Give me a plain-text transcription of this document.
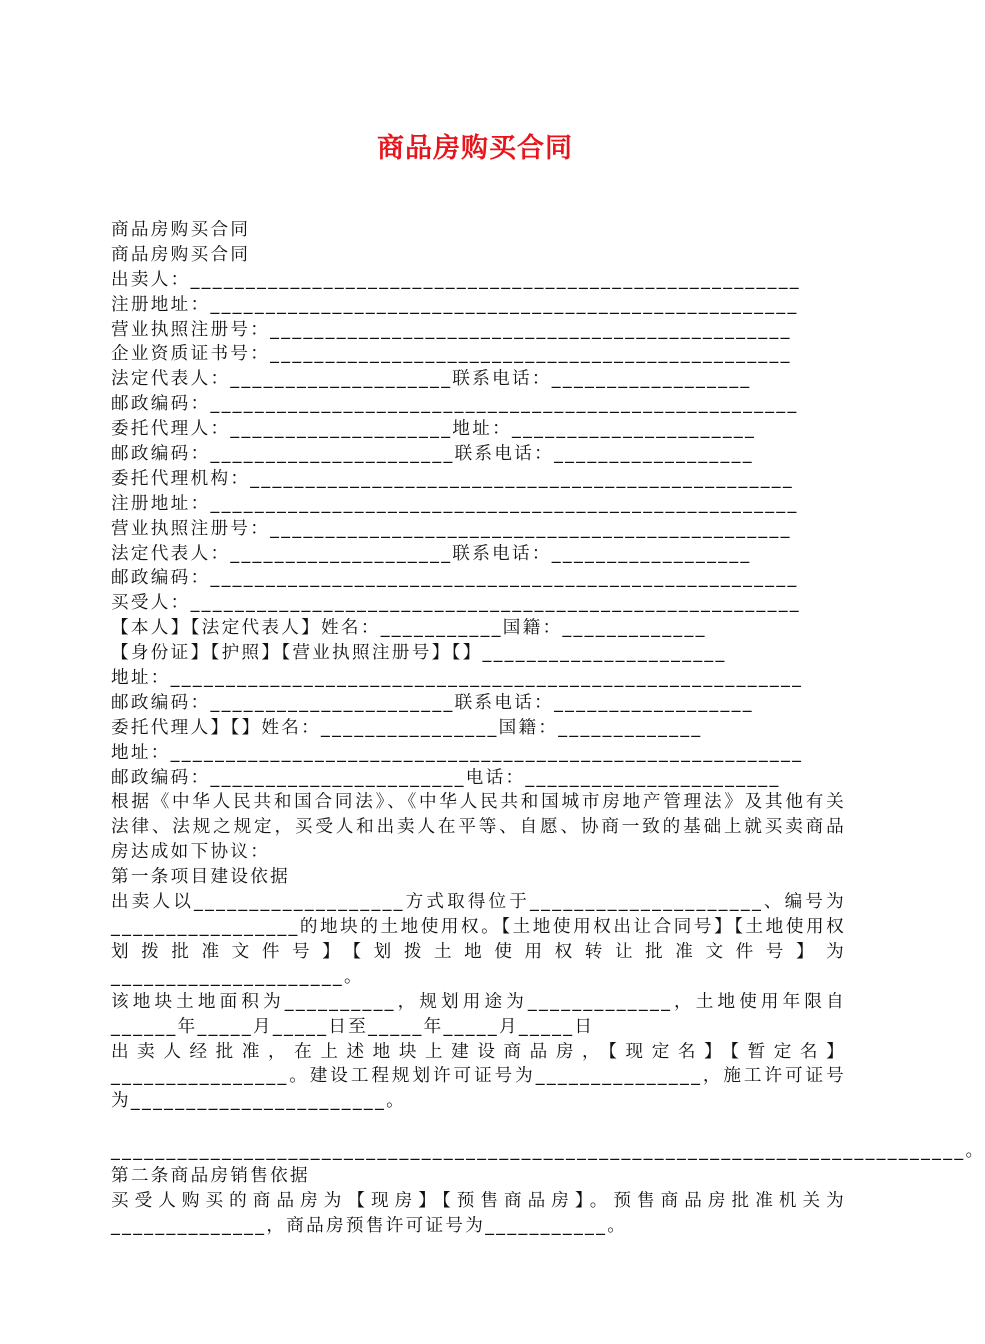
商品房购买合同
商品房购买合同
商品房购买合同
出卖人：_______________________________________________________
注册地址：_____________________________________________________
营业执照注册号：_______________________________________________
企业资质证书号：_______________________________________________
法定代表人：____________________联系电话：__________________
邮政编码：_____________________________________________________
委托代理人：____________________地址：______________________
邮政编码：______________________联系电话：__________________
委托代理机构：_________________________________________________
注册地址：_____________________________________________________
营业执照注册号：_______________________________________________
法定代表人：____________________联系电话：__________________
邮政编码：_____________________________________________________
买受人：_______________________________________________________
【本人】【法定代表人】姓名：___________国籍：_____________
【身份证】【护照】【营业执照注册号】【】______________________
地址：_________________________________________________________
邮政编码：______________________联系电话：__________________
委托代理人】【】姓名：________________国籍：_____________
地址：_________________________________________________________
邮政编码：_______________________电话：_______________________
根据《中华人民共和国合同法》、《中华人民共和国城市房地产管理法》及其他有关法律、法规之规定，买受人和出卖人在平等、自愿、协商一致的基础上就买卖商品房达成如下协议：
第一条项目建设依据
出卖人以___________________方式取得位于_____________________、编号为_________________的地块的土地使用权。【土地使用权出让合同号】【土地使用权划拨批准文件号】【划拨土地使用权转让批准文件号】为_____________________。
该地块土地面积为__________，规划用途为_____________，土地使用年限自______年_____月_____日至_____年_____月_____日
出卖人经批准，在上述地块上建设商品房，【现定名】【暂定名】________________。建设工程规划许可证号为_______________，施工许可证号为_______________________。
_____________________________________________________________________________。
第二条商品房销售依据
买受人购买的商品房为【现房】【预售商品房】。预售商品房批准机关为______________，商品房预售许可证号为___________。
